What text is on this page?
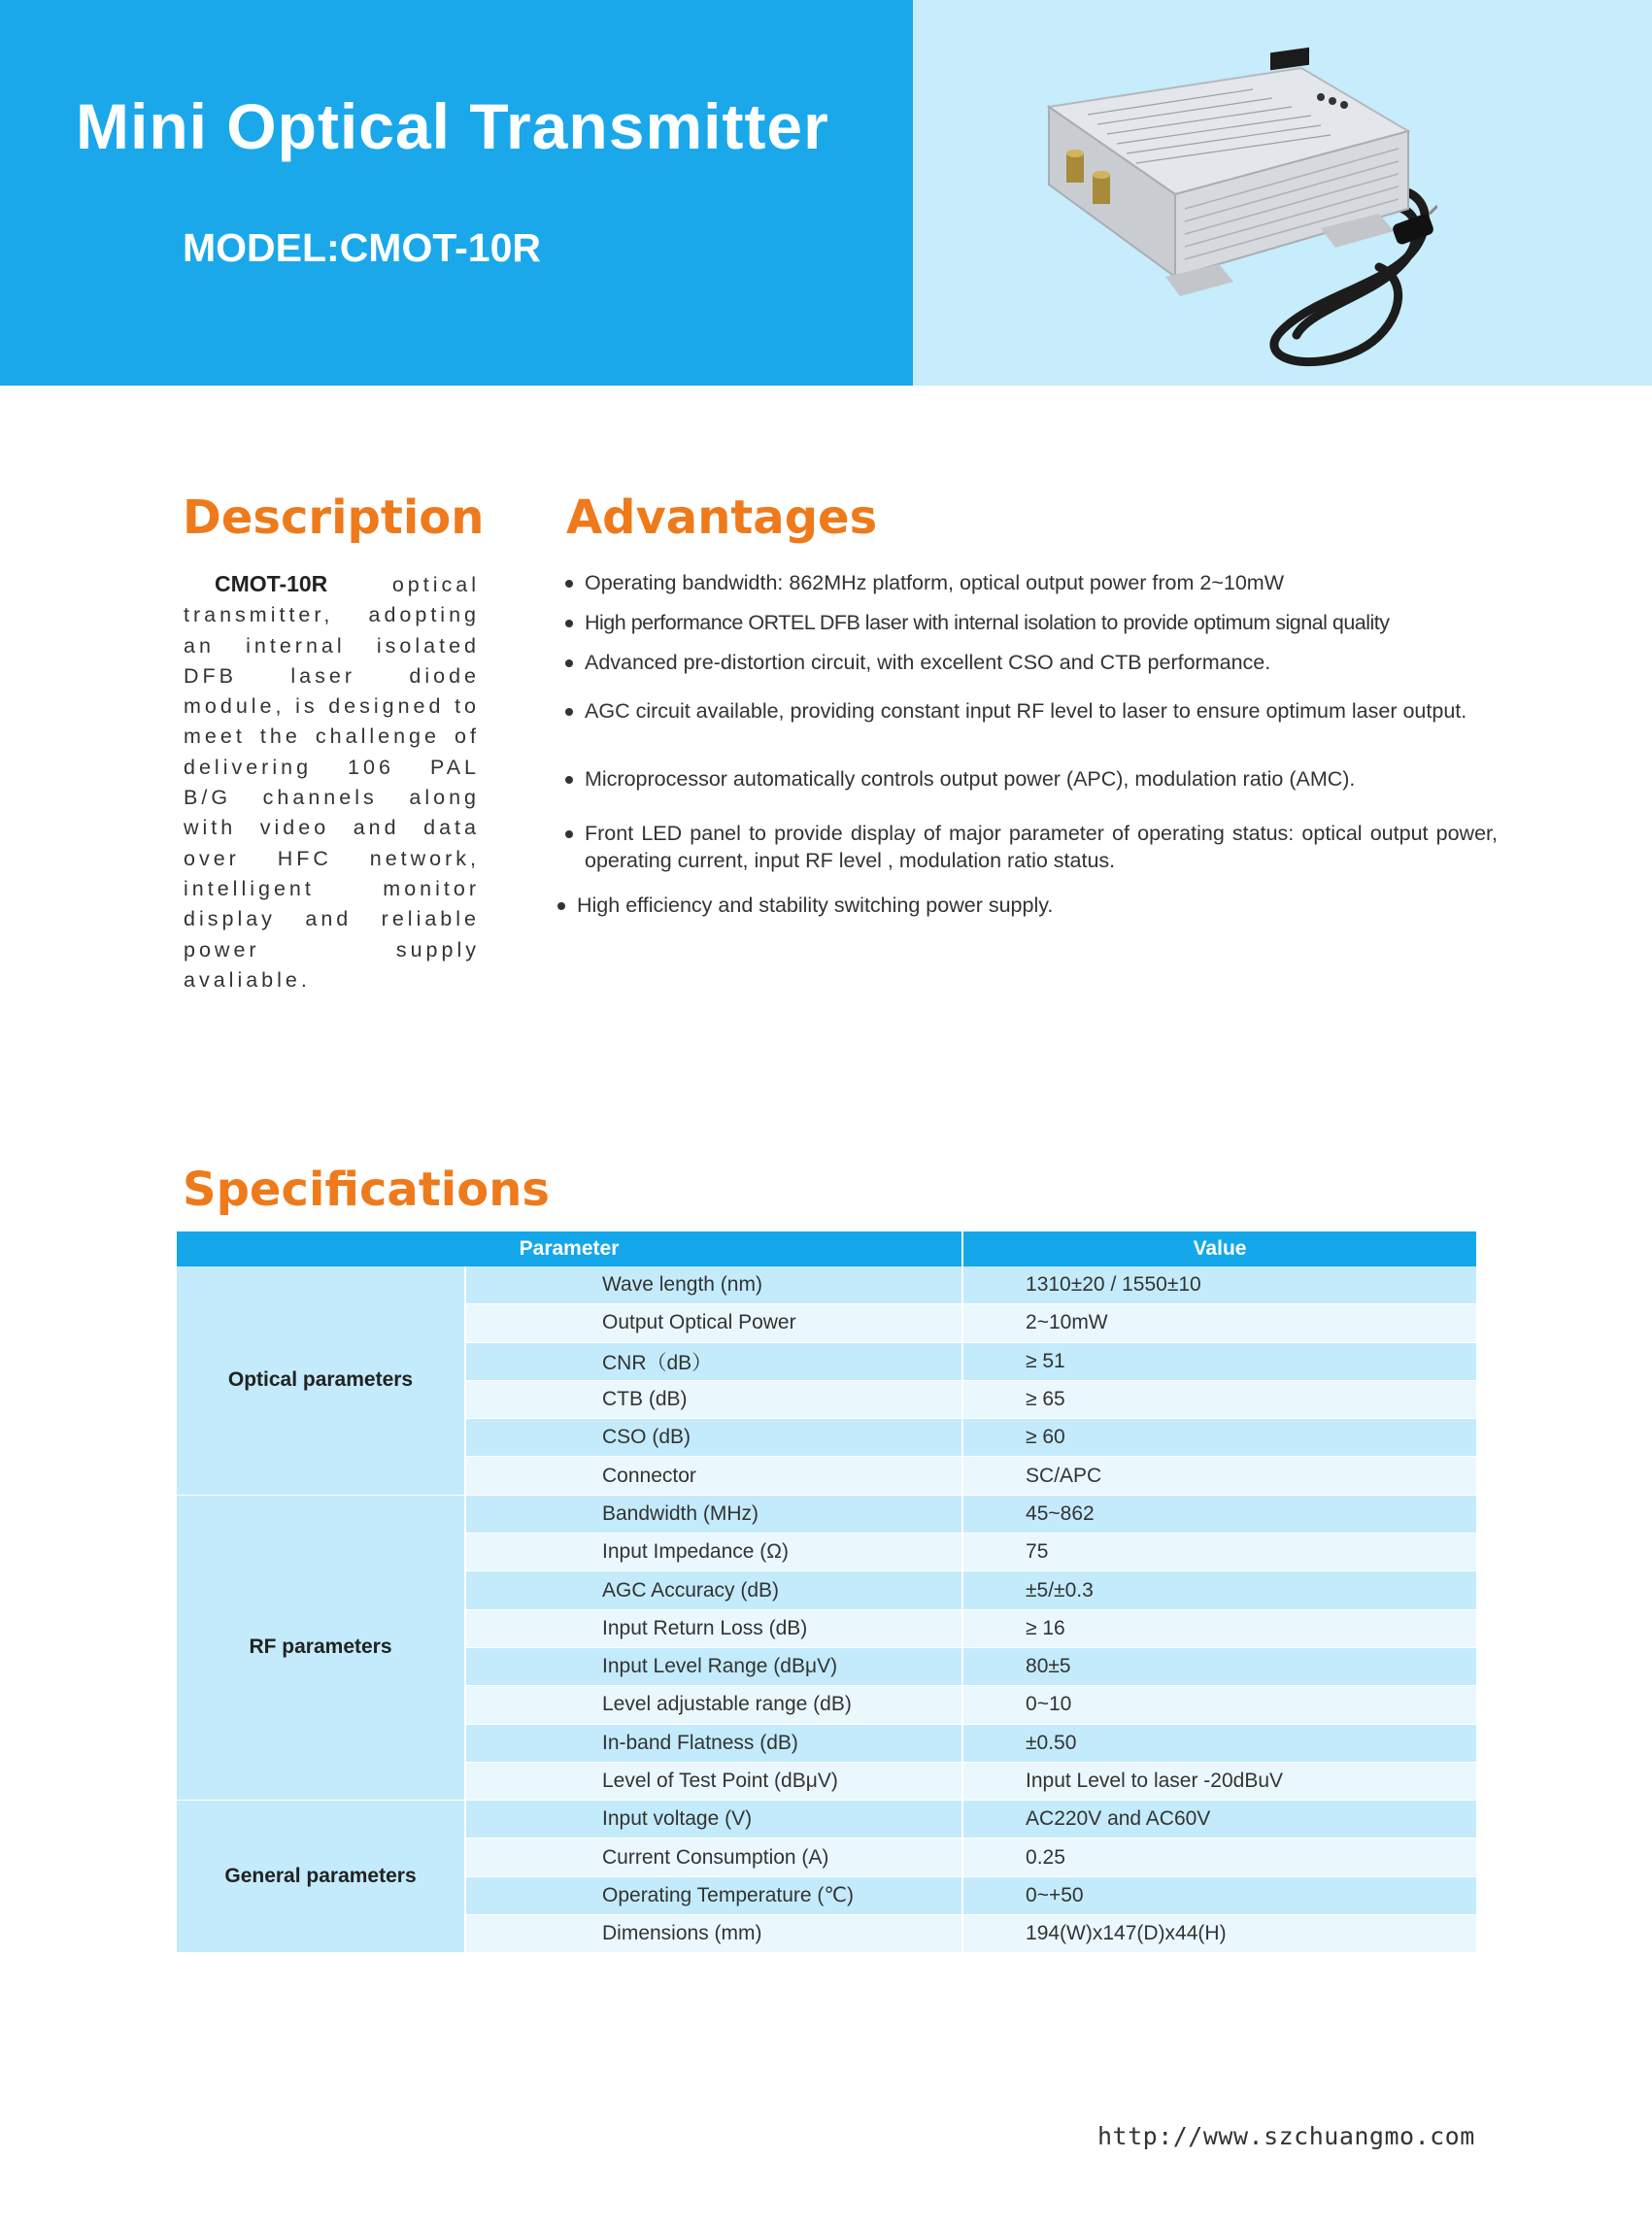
Mini Optical Transmitter
MODEL:CMOT-10R
Description
CMOT-10R optical transmitter, adopting an internal isolated DFB laser diode module, is designed to meet the challenge of delivering 106 PAL B/G channels along with video and data over HFC network, intelligent monitor display and reliable power supply avaliable.
Advantages
Operating bandwidth: 862MHz platform, optical output power from 2~10mW
High performance ORTEL DFB laser with internal isolation to provide optimum signal quality
Advanced pre-distortion circuit, with excellent CSO and CTB performance.
AGC circuit available, providing constant input RF level to laser to ensure optimum laser output.
Microprocessor automatically controls output power (APC), modulation ratio (AMC).
Front LED panel to provide display of major parameter of operating status: optical output power, operating current, input RF level , modulation ratio status.
High efficiency and stability switching power supply.
Specifications
Parameter		Value
Optical parameters	Wave length (nm)	1310±20 / 1550±10
	Output Optical Power	2~10mW
	CNR（dB）	≥ 51
	CTB (dB)	≥ 65
	CSO (dB)	≥ 60
	Connector	SC/APC
RF parameters	Bandwidth (MHz)	45~862
	Input Impedance (Ω)	75
	AGC Accuracy (dB)	±5/±0.3
	Input Return Loss (dB)	≥ 16
	Input Level Range (dBμV)	80±5
	Level adjustable range (dB)	0~10
	In-band Flatness (dB)	±0.50
	Level of Test Point (dBμV)	Input Level to laser -20dBuV
General parameters	Input voltage (V)	AC220V and AC60V
	Current Consumption (A)	0.25
	Operating Temperature (℃)	0~+50
	Dimensions (mm)	194(W)x147(D)x44(H)
http://www.szchuangmo.com
